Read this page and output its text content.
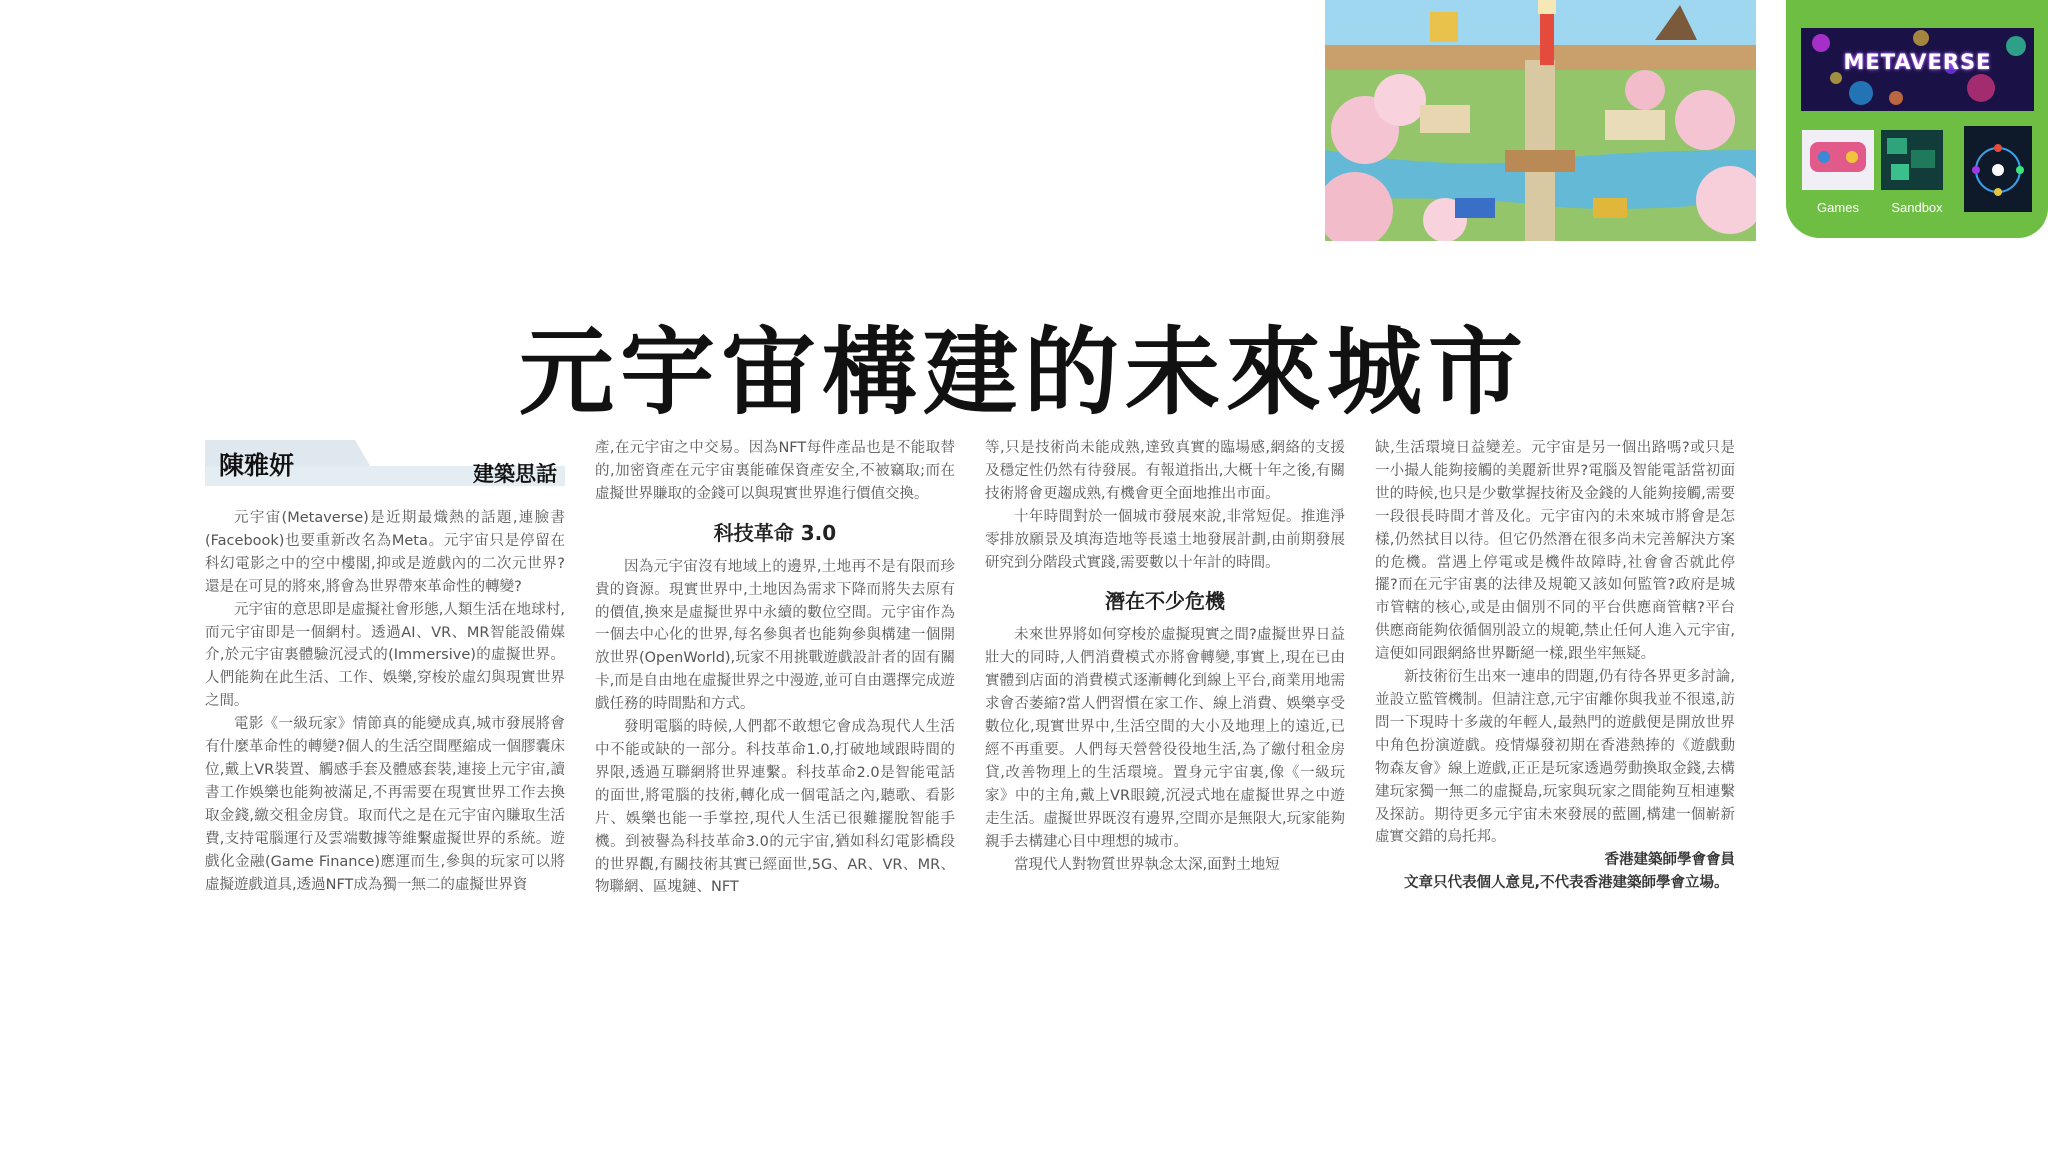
METAVERSE
Games	Sandbox
元宇宙構建的未來城市
陳雅妍	建築思話

元宇宙(Metaverse)是近期最熾熱的話題,連臉書(Facebook)也要重新改名為Meta。元宇宙只是停留在科幻電影之中的空中樓閣,抑或是遊戲內的二次元世界?還是在可見的將來,將會為世界帶來革命性的轉變?

元宇宙的意思即是虛擬社會形態,人類生活在地球村,而元宇宙即是一個網村。透過AI、VR、MR智能設備媒介,於元宇宙裏體驗沉浸式的(Immersive)的虛擬世界。人們能夠在此生活、工作、娛樂,穿梭於虛幻與現實世界之間。

電影《一級玩家》情節真的能變成真,城市發展將會有什麼革命性的轉變?個人的生活空間壓縮成一個膠囊床位,戴上VR裝置、觸感手套及體感套裝,連接上元宇宙,讀書工作娛樂也能夠被滿足,不再需要在現實世界工作去換取金錢,繳交租金房貸。取而代之是在元宇宙內賺取生活費,支持電腦運行及雲端數據等維繫虛擬世界的系統。遊戲化金融(Game Finance)應運而生,參與的玩家可以將虛擬遊戲道具,透過NFT成為獨一無二的虛擬世界資

產,在元宇宙之中交易。因為NFT每件產品也是不能取替的,加密資產在元宇宙裏能確保資產安全,不被竊取;而在虛擬世界賺取的金錢可以與現實世界進行價值交換。

科技革命 3.0

因為元宇宙沒有地域上的邊界,土地再不是有限而珍貴的資源。現實世界中,土地因為需求下降而將失去原有的價值,換來是虛擬世界中永續的數位空間。元宇宙作為一個去中心化的世界,每名參與者也能夠參與構建一個開放世界(OpenWorld),玩家不用挑戰遊戲設計者的固有關卡,而是自由地在虛擬世界之中漫遊,並可自由選擇完成遊戲任務的時間點和方式。

發明電腦的時候,人們都不敢想它會成為現代人生活中不能或缺的一部分。科技革命1.0,打破地域跟時間的界限,透過互聯網將世界連繫。科技革命2.0是智能電話的面世,將電腦的技術,轉化成一個電話之內,聽歌、看影片、娛樂也能一手掌控,現代人生活已很難擺脫智能手機。到被譽為科技革命3.0的元宇宙,猶如科幻電影橋段的世界觀,有關技術其實已經面世,5G、AR、VR、MR、物聯網、區塊鏈、NFT

等,只是技術尚未能成熟,達致真實的臨場感,網絡的支援及穩定性仍然有待發展。有報道指出,大概十年之後,有關技術將會更趨成熟,有機會更全面地推出市面。

十年時間對於一個城市發展來說,非常短促。推進淨零排放願景及填海造地等長遠土地發展計劃,由前期發展研究到分階段式實踐,需要數以十年計的時間。

潛在不少危機

未來世界將如何穿梭於虛擬現實之間?虛擬世界日益壯大的同時,人們消費模式亦將會轉變,事實上,現在已由實體到店面的消費模式逐漸轉化到線上平台,商業用地需求會否萎縮?當人們習慣在家工作、線上消費、娛樂享受數位化,現實世界中,生活空間的大小及地理上的遠近,已經不再重要。人們每天營營役役地生活,為了繳付租金房貸,改善物理上的生活環境。置身元宇宙裏,像《一級玩家》中的主角,戴上VR眼鏡,沉浸式地在虛擬世界之中遊走生活。虛擬世界既沒有邊界,空間亦是無限大,玩家能夠親手去構建心目中理想的城市。

當現代人對物質世界執念太深,面對土地短

缺,生活環境日益變差。元宇宙是另一個出路嗎?或只是一小撮人能夠接觸的美麗新世界?電腦及智能電話當初面世的時候,也只是少數掌握技術及金錢的人能夠接觸,需要一段很長時間才普及化。元宇宙內的未來城市將會是怎樣,仍然拭目以待。但它仍然潛在很多尚未完善解決方案的危機。當遇上停電或是機件故障時,社會會否就此停擺?而在元宇宙裏的法律及規範又該如何監管?政府是城市管轄的核心,或是由個別不同的平台供應商管轄?平台供應商能夠依循個別設立的規範,禁止任何人進入元宇宙,這便如同跟網絡世界斷絕一樣,跟坐牢無疑。

新技術衍生出來一連串的問題,仍有待各界更多討論,並設立監管機制。但請注意,元宇宙離你與我並不很遠,訪問一下現時十多歲的年輕人,最熱門的遊戲便是開放世界中角色扮演遊戲。疫情爆發初期在香港熱捧的《遊戲動物森友會》線上遊戲,正正是玩家透過勞動換取金錢,去構建玩家獨一無二的虛擬島,玩家與玩家之間能夠互相連繫及探訪。期待更多元宇宙未來發展的藍圖,構建一個嶄新虛實交錯的烏托邦。

香港建築師學會會員

文章只代表個人意見,不代表香港建築師學會立場。
